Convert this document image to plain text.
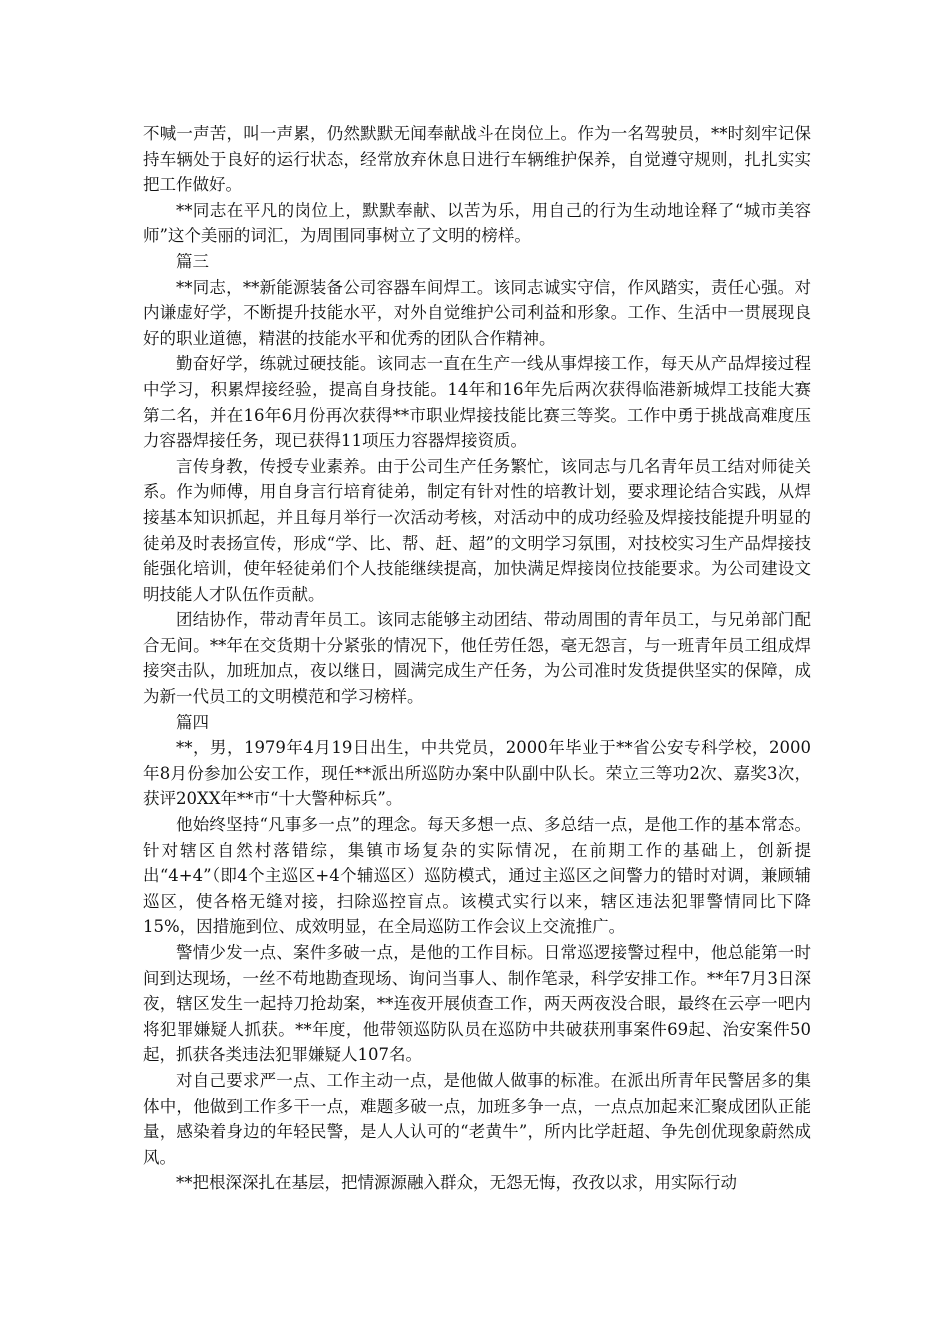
不喊一声苦，叫一声累，仍然默默无闻奉献战斗在岗位上。作为一名驾驶员，**时刻牢记保持车辆处于良好的运行状态，经常放弃休息日进行车辆维护保养，自觉遵守规则，扎扎实实把工作做好。

**同志在平凡的岗位上，默默奉献、以苦为乐，用自己的行为生动地诠释了“城市美容师”这个美丽的词汇，为周围同事树立了文明的榜样。

篇三

**同志，**新能源装备公司容器车间焊工。该同志诚实守信，作风踏实，责任心强。对内谦虚好学，不断提升技能水平，对外自觉维护公司利益和形象。工作、生活中一贯展现良好的职业道德，精湛的技能水平和优秀的团队合作精神。

勤奋好学，练就过硬技能。该同志一直在生产一线从事焊接工作，每天从产品焊接过程中学习，积累焊接经验，提高自身技能。14年和16年先后两次获得临港新城焊工技能大赛第二名，并在16年6月份再次获得**市职业焊接技能比赛三等奖。工作中勇于挑战高难度压力容器焊接任务，现已获得11项压力容器焊接资质。

言传身教，传授专业素养。由于公司生产任务繁忙，该同志与几名青年员工结对师徒关系。作为师傅，用自身言行培育徒弟，制定有针对性的培教计划，要求理论结合实践，从焊接基本知识抓起，并且每月举行一次活动考核，对活动中的成功经验及焊接技能提升明显的徒弟及时表扬宣传，形成“学、比、帮、赶、超”的文明学习氛围，对技校实习生产品焊接技能强化培训，使年轻徒弟们个人技能继续提高，加快满足焊接岗位技能要求。为公司建设文明技能人才队伍作贡献。

团结协作，带动青年员工。该同志能够主动团结、带动周围的青年员工，与兄弟部门配合无间。**年在交货期十分紧张的情况下，他任劳任怨，毫无怨言，与一班青年员工组成焊接突击队，加班加点，夜以继日，圆满完成生产任务，为公司准时发货提供坚实的保障，成为新一代员工的文明模范和学习榜样。

篇四

**，男，1979年4月19日出生，中共党员，2000年毕业于**省公安专科学校，2000年8月份参加公安工作，现任**派出所巡防办案中队副中队长。荣立三等功2次、嘉奖3次，获评20XX年**市“十大警种标兵”。

他始终坚持“凡事多一点”的理念。每天多想一点、多总结一点，是他工作的基本常态。针对辖区自然村落错综，集镇市场复杂的实际情况，在前期工作的基础上，创新提出“4+4”（即4个主巡区+4个辅巡区）巡防模式，通过主巡区之间警力的错时对调，兼顾辅巡区，使各格无缝对接，扫除巡控盲点。该模式实行以来，辖区违法犯罪警情同比下降15%，因措施到位、成效明显，在全局巡防工作会议上交流推广。

警情少发一点、案件多破一点，是他的工作目标。日常巡逻接警过程中，他总能第一时间到达现场，一丝不苟地勘查现场、询问当事人、制作笔录，科学安排工作。**年7月3日深夜，辖区发生一起持刀抢劫案，**连夜开展侦查工作，两天两夜没合眼，最终在云亭一吧内将犯罪嫌疑人抓获。**年度，他带领巡防队员在巡防中共破获刑事案件69起、治安案件50起，抓获各类违法犯罪嫌疑人107名。

对自己要求严一点、工作主动一点，是他做人做事的标准。在派出所青年民警居多的集体中，他做到工作多干一点，难题多破一点，加班多争一点，一点点加起来汇聚成团队正能量，感染着身边的年轻民警，是人人认可的“老黄牛”，所内比学赶超、争先创优现象蔚然成风。

**把根深深扎在基层，把情源源融入群众，无怨无悔，孜孜以求，用实际行动
